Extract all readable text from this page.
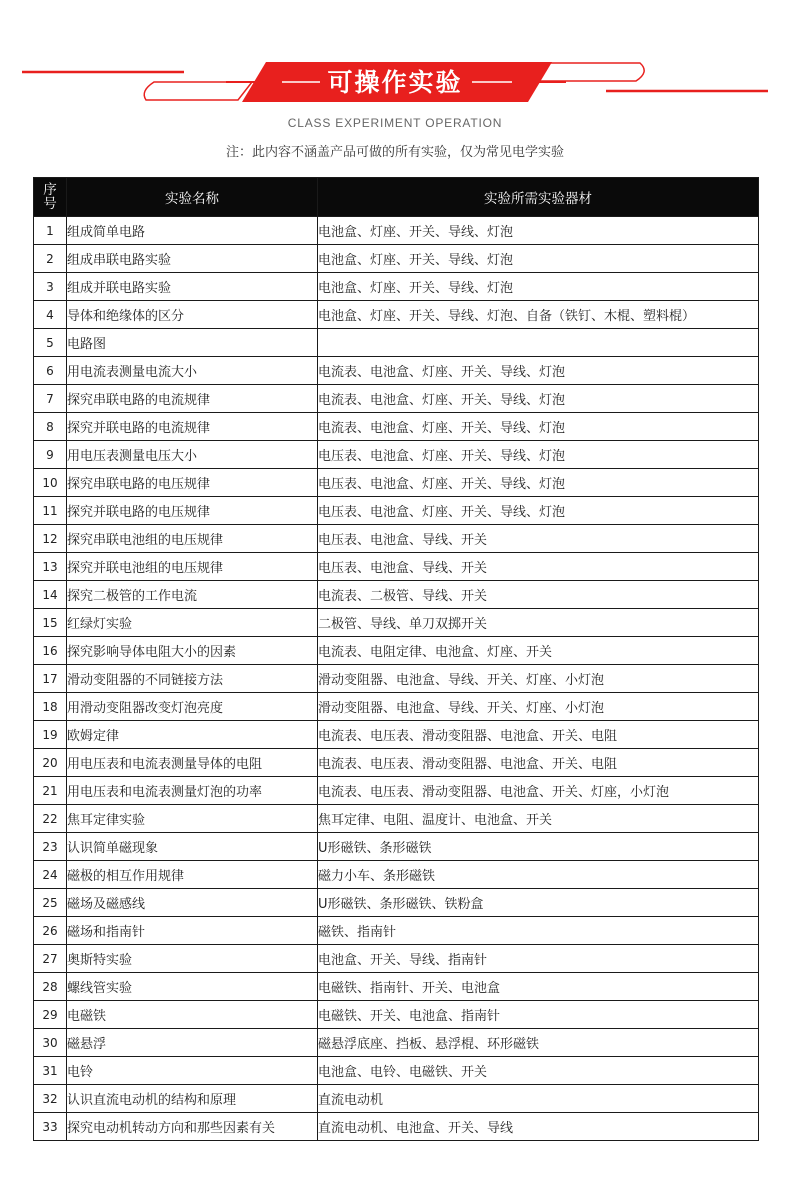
可操作实验
CLASS EXPERIMENT OPERATION
注：此内容不涵盖产品可做的所有实验，仅为常见电学实验
序
号	实验名称	实验所需实验器材
1	组成简单电路	电池盒、灯座、开关、导线、灯泡
2	组成串联电路实验	电池盒、灯座、开关、导线、灯泡
3	组成并联电路实验	电池盒、灯座、开关、导线、灯泡
4	导体和绝缘体的区分	电池盒、灯座、开关、导线、灯泡、自备（铁钉、木棍、塑料棍）
5	电路图	
6	用电流表测量电流大小	电流表、电池盒、灯座、开关、导线、灯泡
7	探究串联电路的电流规律	电流表、电池盒、灯座、开关、导线、灯泡
8	探究并联电路的电流规律	电流表、电池盒、灯座、开关、导线、灯泡
9	用电压表测量电压大小	电压表、电池盒、灯座、开关、导线、灯泡
10	探究串联电路的电压规律	电压表、电池盒、灯座、开关、导线、灯泡
11	探究并联电路的电压规律	电压表、电池盒、灯座、开关、导线、灯泡
12	探究串联电池组的电压规律	电压表、电池盒、导线、开关
13	探究并联电池组的电压规律	电压表、电池盒、导线、开关
14	探究二极管的工作电流	电流表、二极管、导线、开关
15	红绿灯实验	二极管、导线、单刀双掷开关
16	探究影响导体电阻大小的因素	电流表、电阻定律、电池盒、灯座、开关
17	滑动变阻器的不同链接方法	滑动变阻器、电池盒、导线、开关、灯座、小灯泡
18	用滑动变阻器改变灯泡亮度	滑动变阻器、电池盒、导线、开关、灯座、小灯泡
19	欧姆定律	电流表、电压表、滑动变阻器、电池盒、开关、电阻
20	用电压表和电流表测量导体的电阻	电流表、电压表、滑动变阻器、电池盒、开关、电阻
21	用电压表和电流表测量灯泡的功率	电流表、电压表、滑动变阻器、电池盒、开关、灯座，小灯泡
22	焦耳定律实验	焦耳定律、电阻、温度计、电池盒、开关
23	认识简单磁现象	U形磁铁、条形磁铁
24	磁极的相互作用规律	磁力小车、条形磁铁
25	磁场及磁感线	U形磁铁、条形磁铁、铁粉盒
26	磁场和指南针	磁铁、指南针
27	奥斯特实验	电池盒、开关、导线、指南针
28	螺线管实验	电磁铁、指南针、开关、电池盒
29	电磁铁	电磁铁、开关、电池盒、指南针
30	磁悬浮	磁悬浮底座、挡板、悬浮棍、环形磁铁
31	电铃	电池盒、电铃、电磁铁、开关
32	认识直流电动机的结构和原理	直流电动机
33	探究电动机转动方向和那些因素有关	直流电动机、电池盒、开关、导线
